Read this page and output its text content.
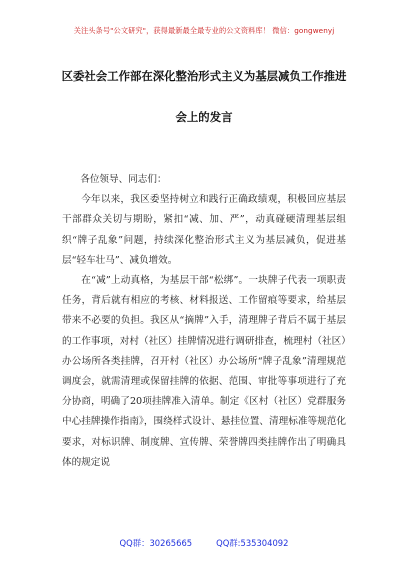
关注头条号"公文研究"，获得最新最全最专业的公文资料库！ 微信：gongwenyj
区委社会工作部在深化整治形式主义为基层减负工作推进
会上的发言
各位领导、同志们：
今年以来，我区委坚持树立和践行正确政绩观，积极回应基层干部群众关切与期盼，紧扣“减、加、严”，动真碰硬清理基层组织“牌子乱象”问题，持续深化整治形式主义为基层减负，促进基层“轻车壮马”、减负增效。
在“减”上动真格，为基层干部“松绑”。一块牌子代表一项职责任务，背后就有相应的考核、材料报送、工作留痕等要求，给基层带来不必要的负担。我区从“摘牌”入手，清理牌子背后不属于基层的工作事项，对村（社区）挂牌情况进行调研排查，梳理村（社区）办公场所各类挂牌，召开村（社区）办公场所“牌子乱象”清理规范调度会，就需清理或保留挂牌的依据、范围、审批等事项进行了充分协商，明确了20项挂牌准入清单。制定《区村（社区）党群服务中心挂牌操作指南》，围绕样式设计、悬挂位置、清理标准等规范化要求，对标识牌、制度牌、宣传牌、荣誉牌四类挂牌作出了明确具体的规定说
QQ群：30265665	QQ群:535304092
